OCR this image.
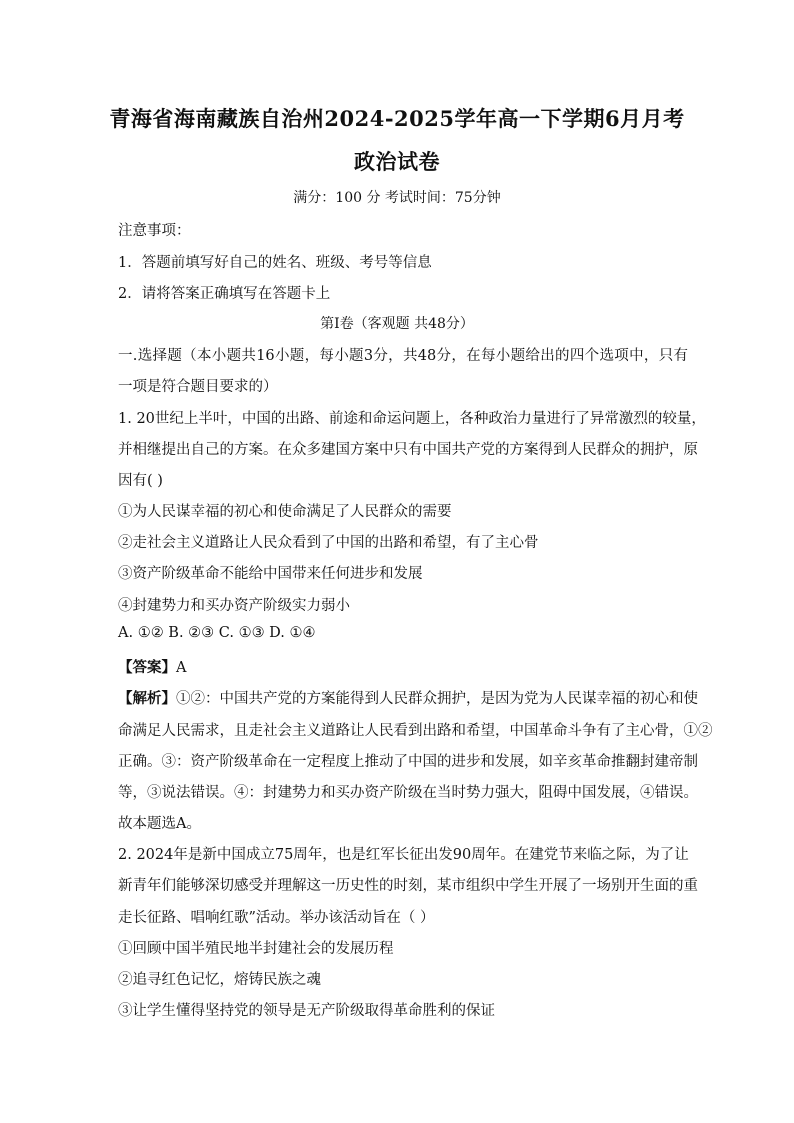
青海省海南藏族自治州2024-2025学年高一下学期6月月考
政治试卷
满分：100 分 考试时间：75分钟
注意事项：
1．答题前填写好自己的姓名、班级、考号等信息
2．请将答案正确填写在答题卡上
第I卷（客观题 共48分）
一.选择题（本小题共16小题，每小题3分，共48分，在每小题给出的四个选项中，只有
一项是符合题目要求的）
1. 20世纪上半叶，中国的出路、前途和命运问题上，各种政治力量进行了异常激烈的较量，
并相继提出自己的方案。在众多建国方案中只有中国共产党的方案得到人民群众的拥护，原
因有( )
①为人民谋幸福的初心和使命满足了人民群众的需要
②走社会主义道路让人民众看到了中国的出路和希望，有了主心骨
③资产阶级革命不能给中国带来任何进步和发展
④封建势力和买办资产阶级实力弱小
A. ①② B. ②③ C. ①③ D. ①④
【答案】A
【解析】①②：中国共产党的方案能得到人民群众拥护，是因为党为人民谋幸福的初心和使
命满足人民需求，且走社会主义道路让人民看到出路和希望，中国革命斗争有了主心骨，①②
正确。③：资产阶级革命在一定程度上推动了中国的进步和发展，如辛亥革命推翻封建帝制
等，③说法错误。④：封建势力和买办资产阶级在当时势力强大，阻碍中国发展，④错误。
故本题选A。
2. 2024年是新中国成立75周年，也是红军长征出发90周年。在建党节来临之际，为了让
新青年们能够深切感受并理解这一历史性的时刻，某市组织中学生开展了一场别开生面的重
走长征路、唱响红歌”活动。举办该活动旨在（ ）
①回顾中国半殖民地半封建社会的发展历程
②追寻红色记忆，熔铸民族之魂
③让学生懂得坚持党的领导是无产阶级取得革命胜利的保证
